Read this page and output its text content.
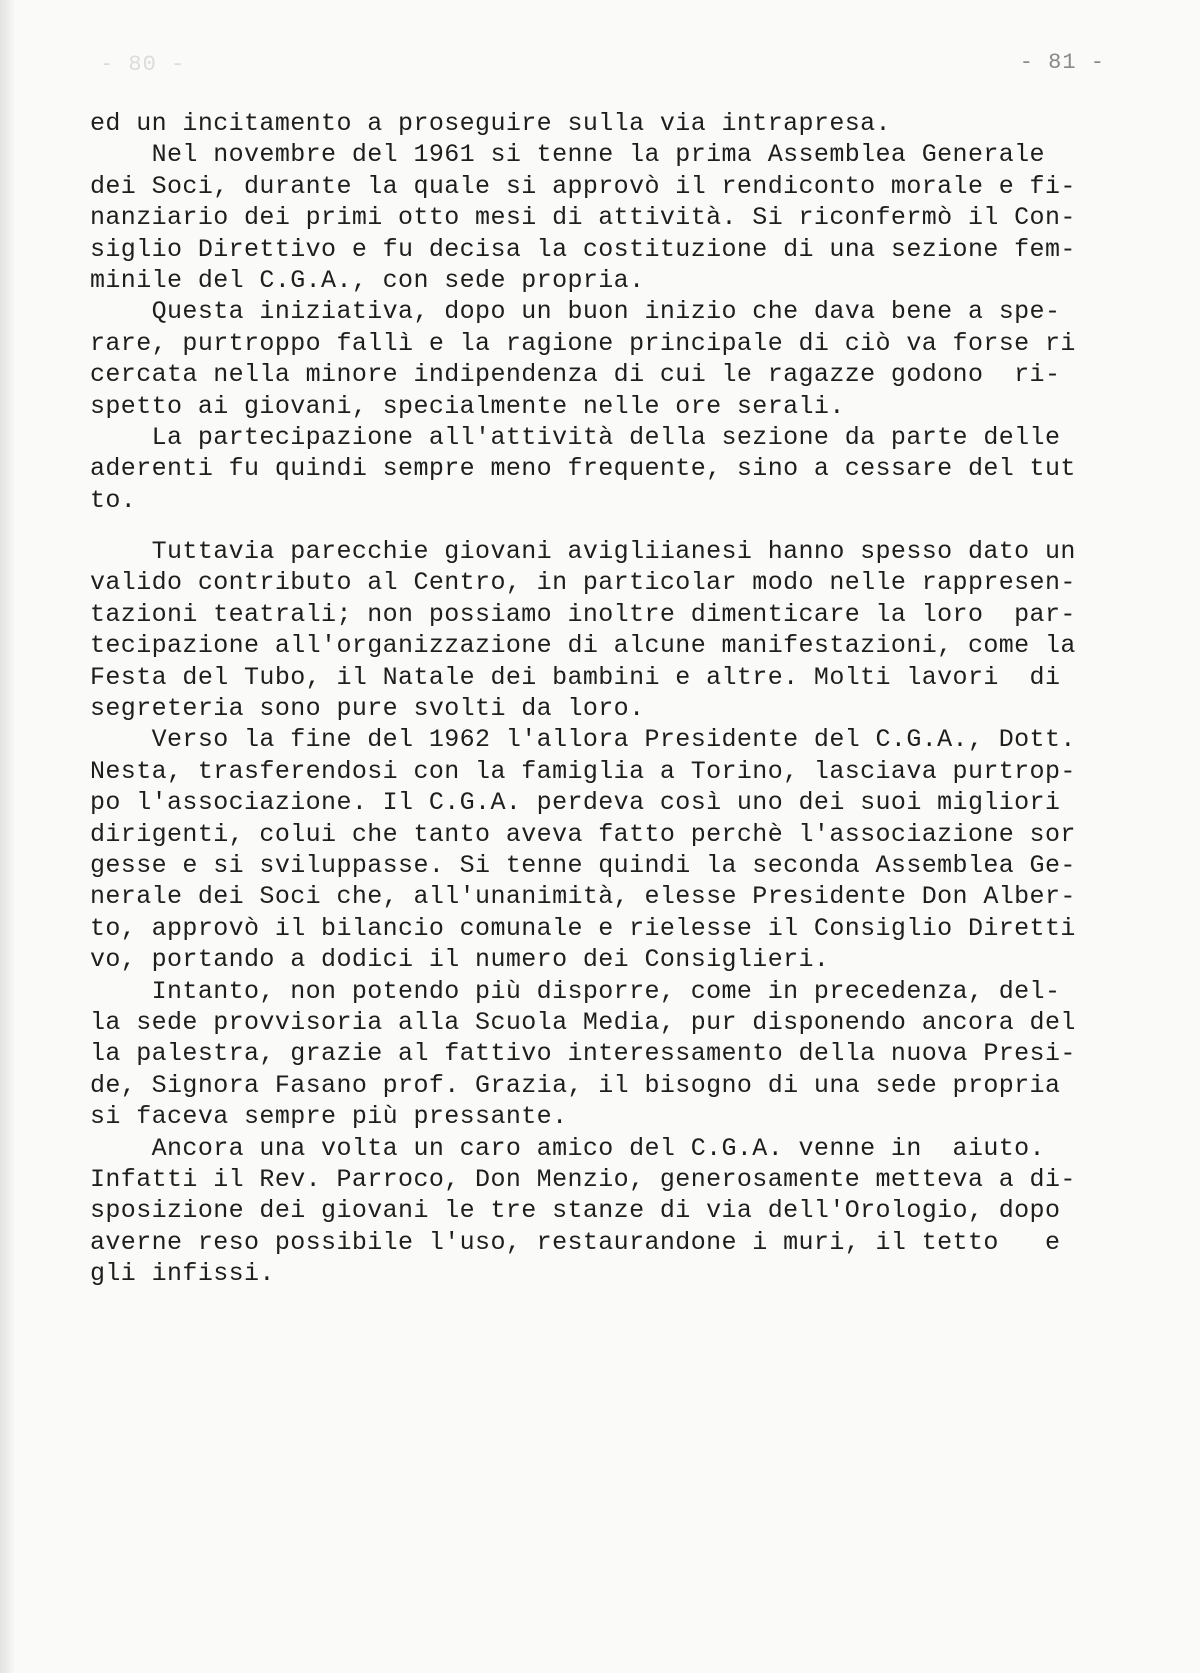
- 80 -	- 81 -
ed un incitamento a proseguire sulla via intrapresa.
Nel novembre del 1961 si tenne la prima Assemblea Generale
dei Soci, durante la quale si approvò il rendiconto morale e fi-
nanziario dei primi otto mesi di attività. Si riconfermò il Con-
siglio Direttivo e fu decisa la costituzione di una sezione fem-
minile del C.G.A., con sede propria.
Questa iniziativa, dopo un buon inizio che dava bene a spe-
rare, purtroppo fallì e la ragione principale di ciò va forse ri
cercata nella minore indipendenza di cui le ragazze godono  ri-
spetto ai giovani, specialmente nelle ore serali.
La partecipazione all'attività della sezione da parte delle
aderenti fu quindi sempre meno frequente, sino a cessare del tut
to.
Tuttavia parecchie giovani avigliianesi hanno spesso dato un
valido contributo al Centro, in particolar modo nelle rappresen-
tazioni teatrali; non possiamo inoltre dimenticare la loro  par-
tecipazione all'organizzazione di alcune manifestazioni, come la
Festa del Tubo, il Natale dei bambini e altre. Molti lavori  di
segreteria sono pure svolti da loro.
Verso la fine del 1962 l'allora Presidente del C.G.A., Dott.
Nesta, trasferendosi con la famiglia a Torino, lasciava purtrop-
po l'associazione. Il C.G.A. perdeva così uno dei suoi migliori
dirigenti, colui che tanto aveva fatto perchè l'associazione sor
gesse e si sviluppasse. Si tenne quindi la seconda Assemblea Ge-
nerale dei Soci che, all'unanimità, elesse Presidente Don Alber-
to, approvò il bilancio comunale e rielesse il Consiglio Diretti
vo, portando a dodici il numero dei Consiglieri.
Intanto, non potendo più disporre, come in precedenza, del-
la sede provvisoria alla Scuola Media, pur disponendo ancora del
la palestra, grazie al fattivo interessamento della nuova Presi-
de, Signora Fasano prof. Grazia, il bisogno di una sede propria
si faceva sempre più pressante.
Ancora una volta un caro amico del C.G.A. venne in  aiuto.
Infatti il Rev. Parroco, Don Menzio, generosamente metteva a di-
sposizione dei giovani le tre stanze di via dell'Orologio, dopo
averne reso possibile l'uso, restaurandone i muri, il tetto   e
gli infissi.
